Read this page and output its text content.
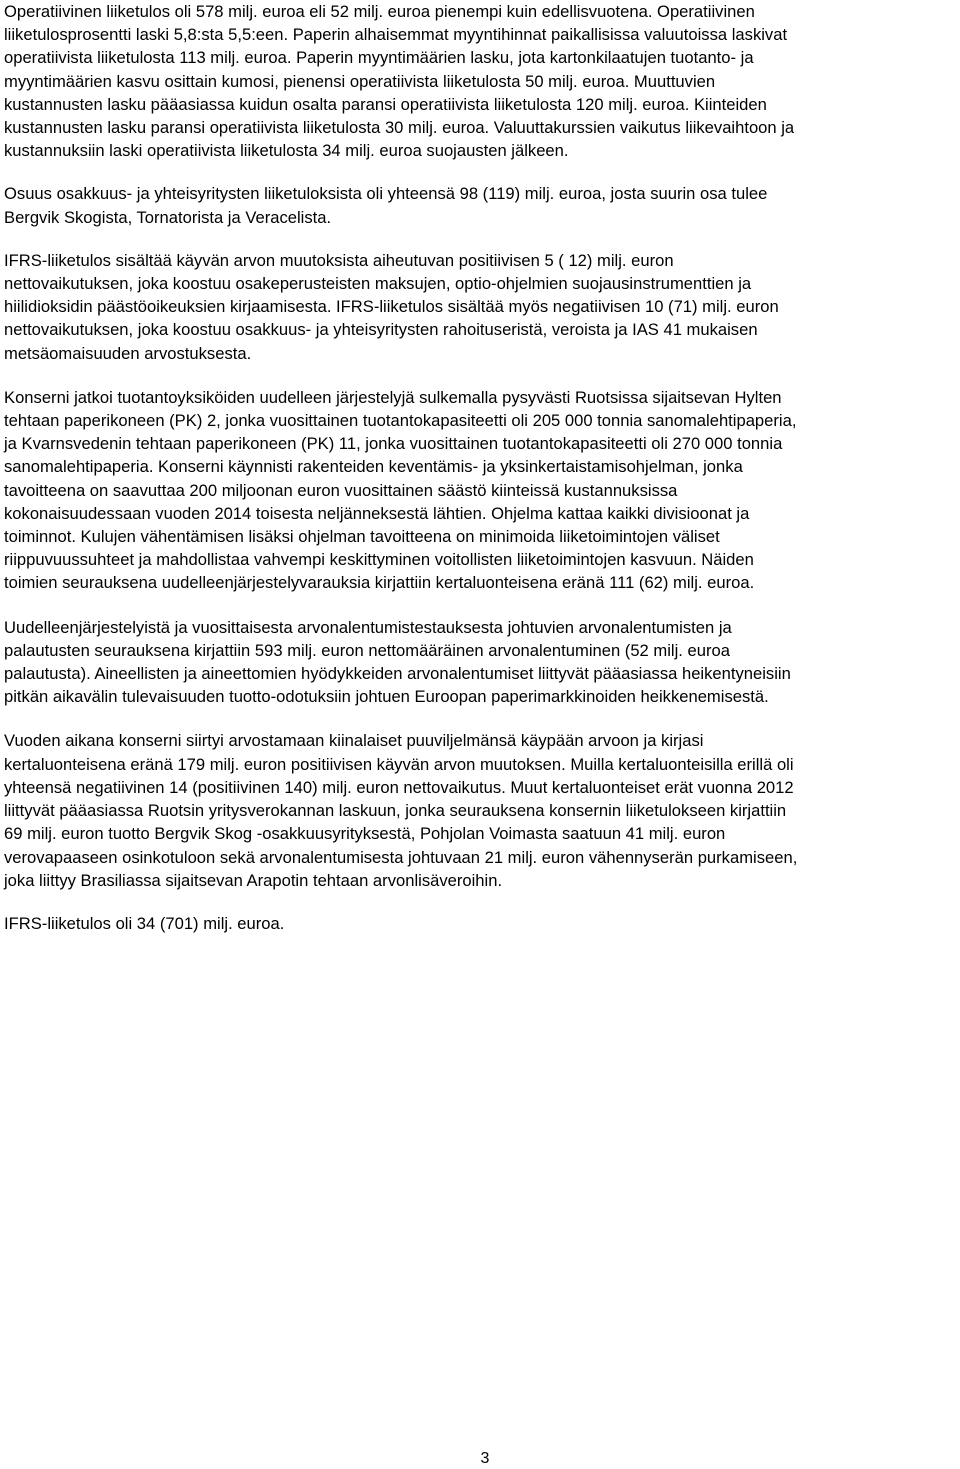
Operatiivinen liiketulos oli 578 milj. euroa eli 52 milj. euroa pienempi kuin edellisvuotena. Operatiivinen
liiketulosprosentti laski 5,8:sta 5,5:een. Paperin alhaisemmat myyntihinnat paikallisissa valuutoissa laskivat
operatiivista liiketulosta 113 milj. euroa. Paperin myyntimäärien lasku, jota kartonkilaatujen tuotanto- ja
myyntimäärien kasvu osittain kumosi, pienensi operatiivista liiketulosta 50 milj. euroa. Muuttuvien
kustannusten lasku pääasiassa kuidun osalta paransi operatiivista liiketulosta 120 milj. euroa. Kiinteiden
kustannusten lasku paransi operatiivista liiketulosta 30 milj. euroa. Valuuttakurssien vaikutus liikevaihtoon ja
kustannuksiin laski operatiivista liiketulosta 34 milj. euroa suojausten jälkeen.
Osuus osakkuus- ja yhteisyritysten liiketuloksista oli yhteensä 98 (119) milj. euroa, josta suurin osa tulee
Bergvik Skogista, Tornatorista ja Veracelista.
IFRS-liiketulos sisältää käyvän arvon muutoksista aiheutuvan positiivisen 5 ( 12) milj. euron
nettovaikutuksen, joka koostuu osakeperusteisten maksujen, optio-ohjelmien suojausinstrumenttien ja
hiilidioksidin päästöoikeuksien kirjaamisesta. IFRS-liiketulos sisältää myös negatiivisen 10 (71) milj. euron
nettovaikutuksen, joka koostuu osakkuus- ja yhteisyritysten rahoituseristä, veroista ja IAS 41 mukaisen
metsäomaisuuden arvostuksesta.
Konserni jatkoi tuotantoyksiköiden uudelleen järjestelyjä sulkemalla pysyvästi Ruotsissa sijaitsevan Hylten
tehtaan paperikoneen (PK) 2, jonka vuosittainen tuotantokapasiteetti oli 205 000 tonnia sanomalehtipaperia,
ja Kvarnsvedenin tehtaan paperikoneen (PK) 11, jonka vuosittainen tuotantokapasiteetti oli 270 000 tonnia
sanomalehtipaperia. Konserni käynnisti rakenteiden keventämis- ja yksinkertaistamisohjelman, jonka
tavoitteena on saavuttaa 200 miljoonan euron vuosittainen säästö kiinteissä kustannuksissa
kokonaisuudessaan vuoden 2014 toisesta neljänneksestä lähtien. Ohjelma kattaa kaikki divisioonat ja
toiminnot. Kulujen vähentämisen lisäksi ohjelman tavoitteena on minimoida liiketoimintojen väliset
riippuvuussuhteet ja mahdollistaa vahvempi keskittyminen voitollisten liiketoimintojen kasvuun. Näiden
toimien seurauksena uudelleenjärjestelyvarauksia kirjattiin kertaluonteisena eränä 111 (62) milj. euroa.
Uudelleenjärjestelyistä ja vuosittaisesta arvonalentumistestauksesta johtuvien arvonalentumisten ja
palautusten seurauksena kirjattiin 593 milj. euron nettomääräinen arvonalentuminen (52 milj. euroa
palautusta). Aineellisten ja aineettomien hyödykkeiden arvonalentumiset liittyvät pääasiassa heikentyneisiin
pitkän aikavälin tulevaisuuden tuotto-odotuksiin johtuen Euroopan paperimarkkinoiden heikkenemisestä.
Vuoden aikana konserni siirtyi arvostamaan kiinalaiset puuviljelmänsä käypään arvoon ja kirjasi
kertaluonteisena eränä 179 milj. euron positiivisen käyvän arvon muutoksen. Muilla kertaluonteisilla erillä oli
yhteensä negatiivinen 14 (positiivinen 140) milj. euron nettovaikutus. Muut kertaluonteiset erät vuonna 2012
liittyvät pääasiassa Ruotsin yritysverokannan laskuun, jonka seurauksena konsernin liiketulokseen kirjattiin
69 milj. euron tuotto Bergvik Skog -osakkuusyrityksestä, Pohjolan Voimasta saatuun 41 milj. euron
verovapaaseen osinkotuloon sekä arvonalentumisesta johtuvaan 21 milj. euron vähennyserän purkamiseen,
joka liittyy Brasiliassa sijaitsevan Arapotin tehtaan arvonlisäveroihin.
IFRS-liiketulos oli 34 (701) milj. euroa.
3
